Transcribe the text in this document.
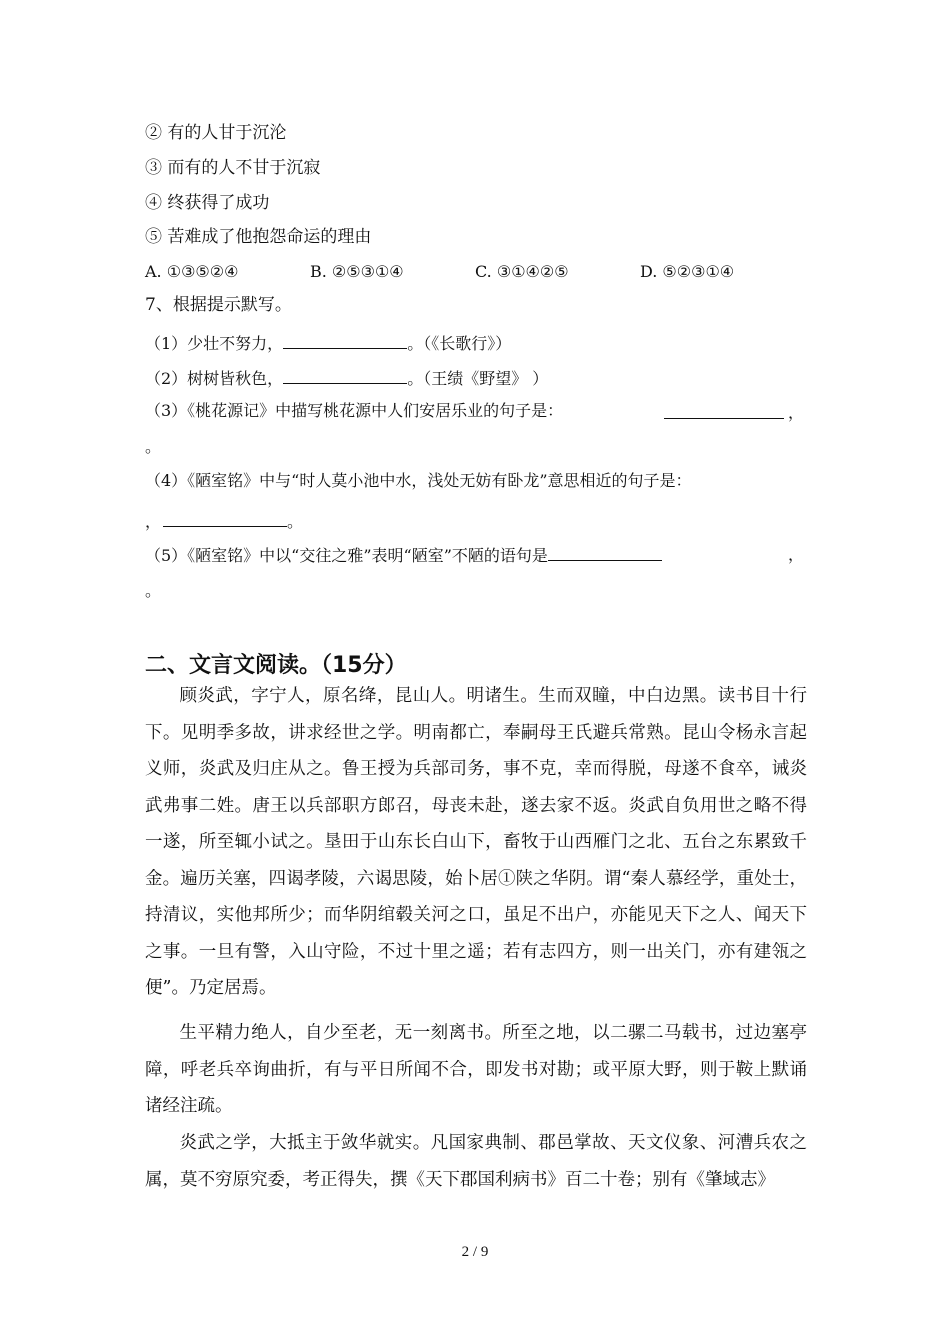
② 有的人甘于沉沦
③ 而有的人不甘于沉寂
④ 终获得了成功
⑤ 苦难成了他抱怨命运的理由
A. ①③⑤②④	B. ②⑤③①④	C. ③①④②⑤	D. ⑤②③①④
7、根据提示默写。
（1）少壮不努力，	。（《长歌行》）
（2）树树皆秋色，	。（王绩《野望》 ）
（3）《桃花源记》中描写桃花源中人们安居乐业的句子是：	，
。
（4）《陋室铭》中与“时人莫小池中水，浅处无妨有卧龙”意思相近的句子是：
，	。
（5）《陋室铭》中以“交往之雅”表明“陋室”不陋的语句是	，
。
二、文言文阅读。（15分）
顾炎武，字宁人，原名绛，昆山人。明诸生。生而双瞳，中白边黑。读书目十行下。见明季多故，讲求经世之学。明南都亡，奉嗣母王氏避兵常熟。昆山令杨永言起义师，炎武及归庄从之。鲁王授为兵部司务，事不克，幸而得脱，母遂不食卒，诫炎武弗事二姓。唐王以兵部职方郎召，母丧未赴，遂去家不返。炎武自负用世之略不得一遂，所至辄小试之。垦田于山东长白山下，畜牧于山西雁门之北、五台之东累致千金。遍历关塞，四谒孝陵，六谒思陵，始卜居①陕之华阴。谓“秦人慕经学，重处士，持清议，实他邦所少；而华阴绾毂关河之口，虽足不出户，亦能见天下之人、闻天下之事。一旦有警，入山守险，不过十里之遥；若有志四方，则一出关门，亦有建瓴之便”。乃定居焉。
生平精力绝人，自少至老，无一刻离书。所至之地，以二骡二马载书，过边塞亭障，呼老兵卒询曲折，有与平日所闻不合，即发书对勘；或平原大野，则于鞍上默诵诸经注疏。
炎武之学，大抵主于敛华就实。凡国家典制、郡邑掌故、天文仪象、河漕兵农之属，莫不穷原究委，考正得失，撰《天下郡国利病书》百二十卷；别有《肇域志》
2 / 9
